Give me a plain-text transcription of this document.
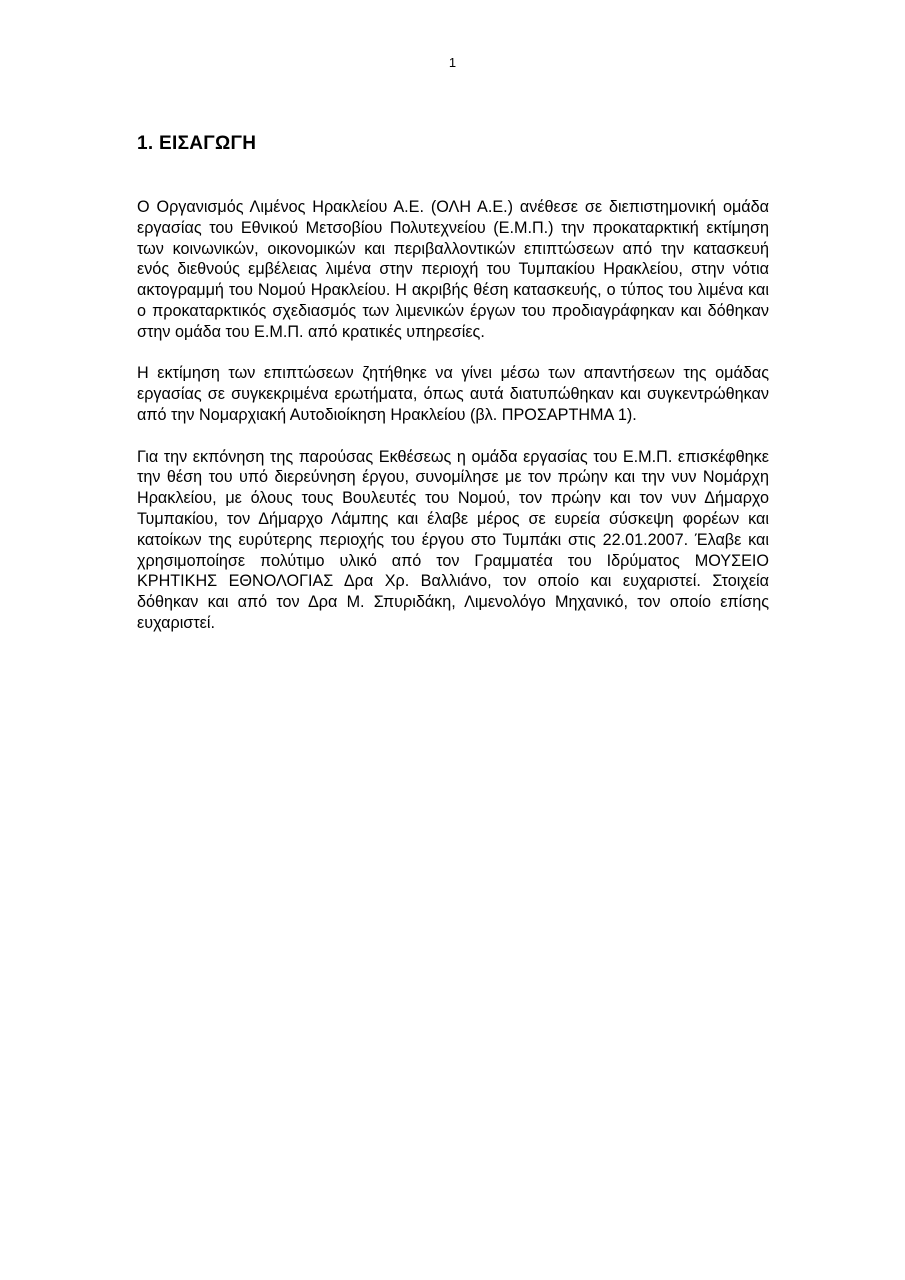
1
1. ΕΙΣΑΓΩΓΗ

Ο Οργανισμός Λιμένος Ηρακλείου Α.Ε. (ΟΛΗ Α.Ε.) ανέθεσε σε διεπιστημονική ομάδα εργασίας του Εθνικού Μετσοβίου Πολυτεχνείου (Ε.Μ.Π.) την προκαταρκτική εκτίμηση των κοινωνικών, οικονομικών και περιβαλλοντικών επιπτώσεων από την κατασκευή ενός διεθνούς εμβέλειας λιμένα στην περιοχή του Τυμπακίου Ηρακλείου, στην νότια ακτογραμμή του Νομού Ηρακλείου. Η ακριβής θέση κατασκευής, ο τύπος του λιμένα και ο προκαταρκτικός σχεδιασμός των λιμενικών έργων του προδιαγράφηκαν και δόθηκαν στην ομάδα του Ε.Μ.Π. από κρατικές υπηρεσίες.

Η εκτίμηση των επιπτώσεων ζητήθηκε να γίνει μέσω των απαντήσεων της ομάδας εργασίας σε συγκεκριμένα ερωτήματα, όπως αυτά διατυπώθηκαν και συγκεντρώθηκαν από την Νομαρχιακή Αυτοδιοίκηση Ηρακλείου (βλ. ΠΡΟΣΑΡΤΗΜΑ 1).

Για την εκπόνηση της παρούσας Εκθέσεως η ομάδα εργασίας του Ε.Μ.Π. επισκέφθηκε την θέση του υπό διερεύνηση έργου, συνομίλησε με τον πρώην και την νυν Νομάρχη Ηρακλείου, με όλους τους Βουλευτές του Νομού, τον πρώην και τον νυν Δήμαρχο Τυμπακίου, τον Δήμαρχο Λάμπης και έλαβε μέρος σε ευρεία σύσκεψη φορέων και κατοίκων της ευρύτερης περιοχής του έργου στο Τυμπάκι στις 22.01.2007. Έλαβε και χρησιμοποίησε πολύτιμο υλικό από τον Γραμματέα του Ιδρύματος ΜΟΥΣΕΙΟ ΚΡΗΤΙΚΗΣ ΕΘΝΟΛΟΓΙΑΣ Δρα Χρ. Βαλλιάνο, τον οποίο και ευχαριστεί. Στοιχεία δόθηκαν και από τον Δρα Μ. Σπυριδάκη, Λιμενολόγο Μηχανικό, τον οποίο επίσης ευχαριστεί.
